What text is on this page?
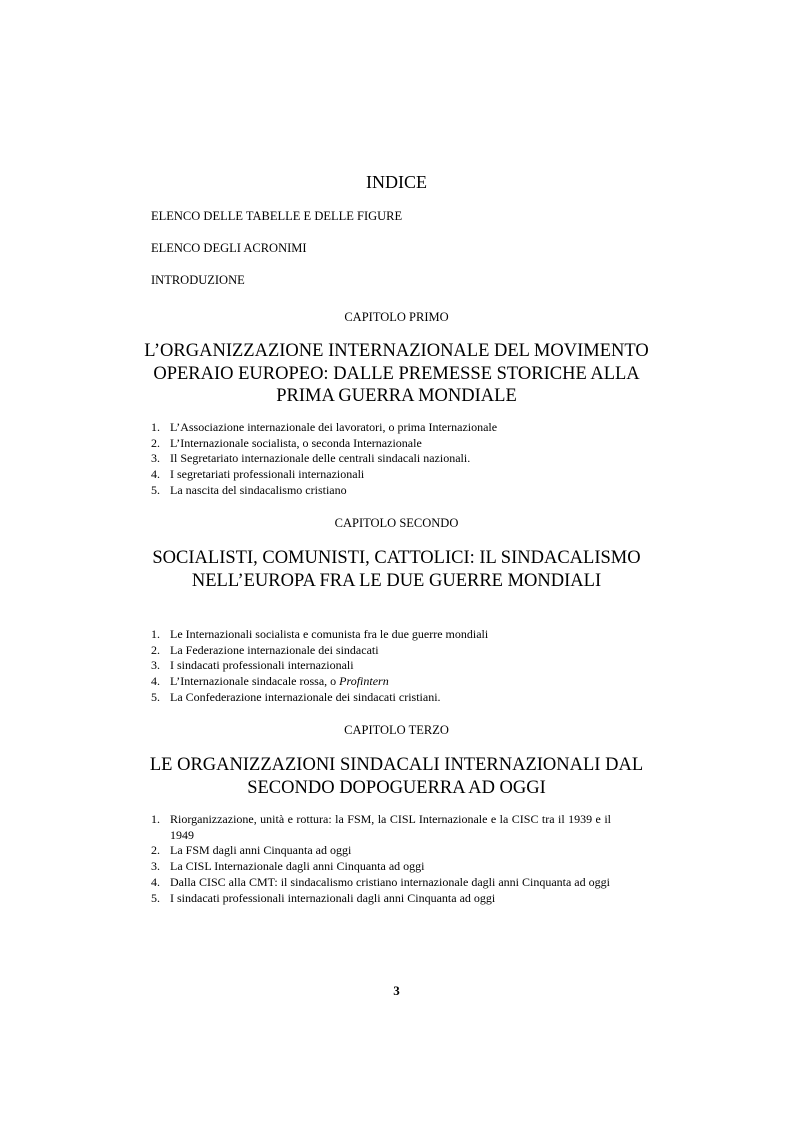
INDICE
ELENCO DELLE TABELLE E DELLE FIGURE
ELENCO DEGLI ACRONIMI
INTRODUZIONE
CAPITOLO PRIMO
L’ORGANIZZAZIONE INTERNAZIONALE DEL MOVIMENTO OPERAIO EUROPEO: DALLE PREMESSE STORICHE ALLA PRIMA GUERRA MONDIALE
1. L’Associazione internazionale dei lavoratori, o prima Internazionale
2. L’Internazionale socialista, o seconda Internazionale
3. Il Segretariato internazionale delle centrali sindacali nazionali.
4. I segretariati professionali internazionali
5. La nascita del sindacalismo cristiano
CAPITOLO SECONDO
SOCIALISTI, COMUNISTI, CATTOLICI: IL SINDACALISMO NELL’EUROPA FRA LE DUE GUERRE MONDIALI
1. Le Internazionali socialista e comunista fra le due guerre mondiali
2. La Federazione internazionale dei sindacati
3. I sindacati professionali internazionali
4. L’Internazionale sindacale rossa, o Profintern
5. La Confederazione internazionale dei sindacati cristiani.
CAPITOLO TERZO
LE ORGANIZZAZIONI SINDACALI INTERNAZIONALI DAL SECONDO DOPOGUERRA AD OGGI
1. Riorganizzazione, unità e rottura: la FSM, la CISL Internazionale e la CISC tra il 1939 e il 1949
2. La FSM dagli anni Cinquanta ad oggi
3. La CISL Internazionale dagli anni Cinquanta ad oggi
4. Dalla CISC alla CMT: il sindacalismo cristiano internazionale dagli anni Cinquanta ad oggi
5. I sindacati professionali internazionali dagli anni Cinquanta ad oggi
3
